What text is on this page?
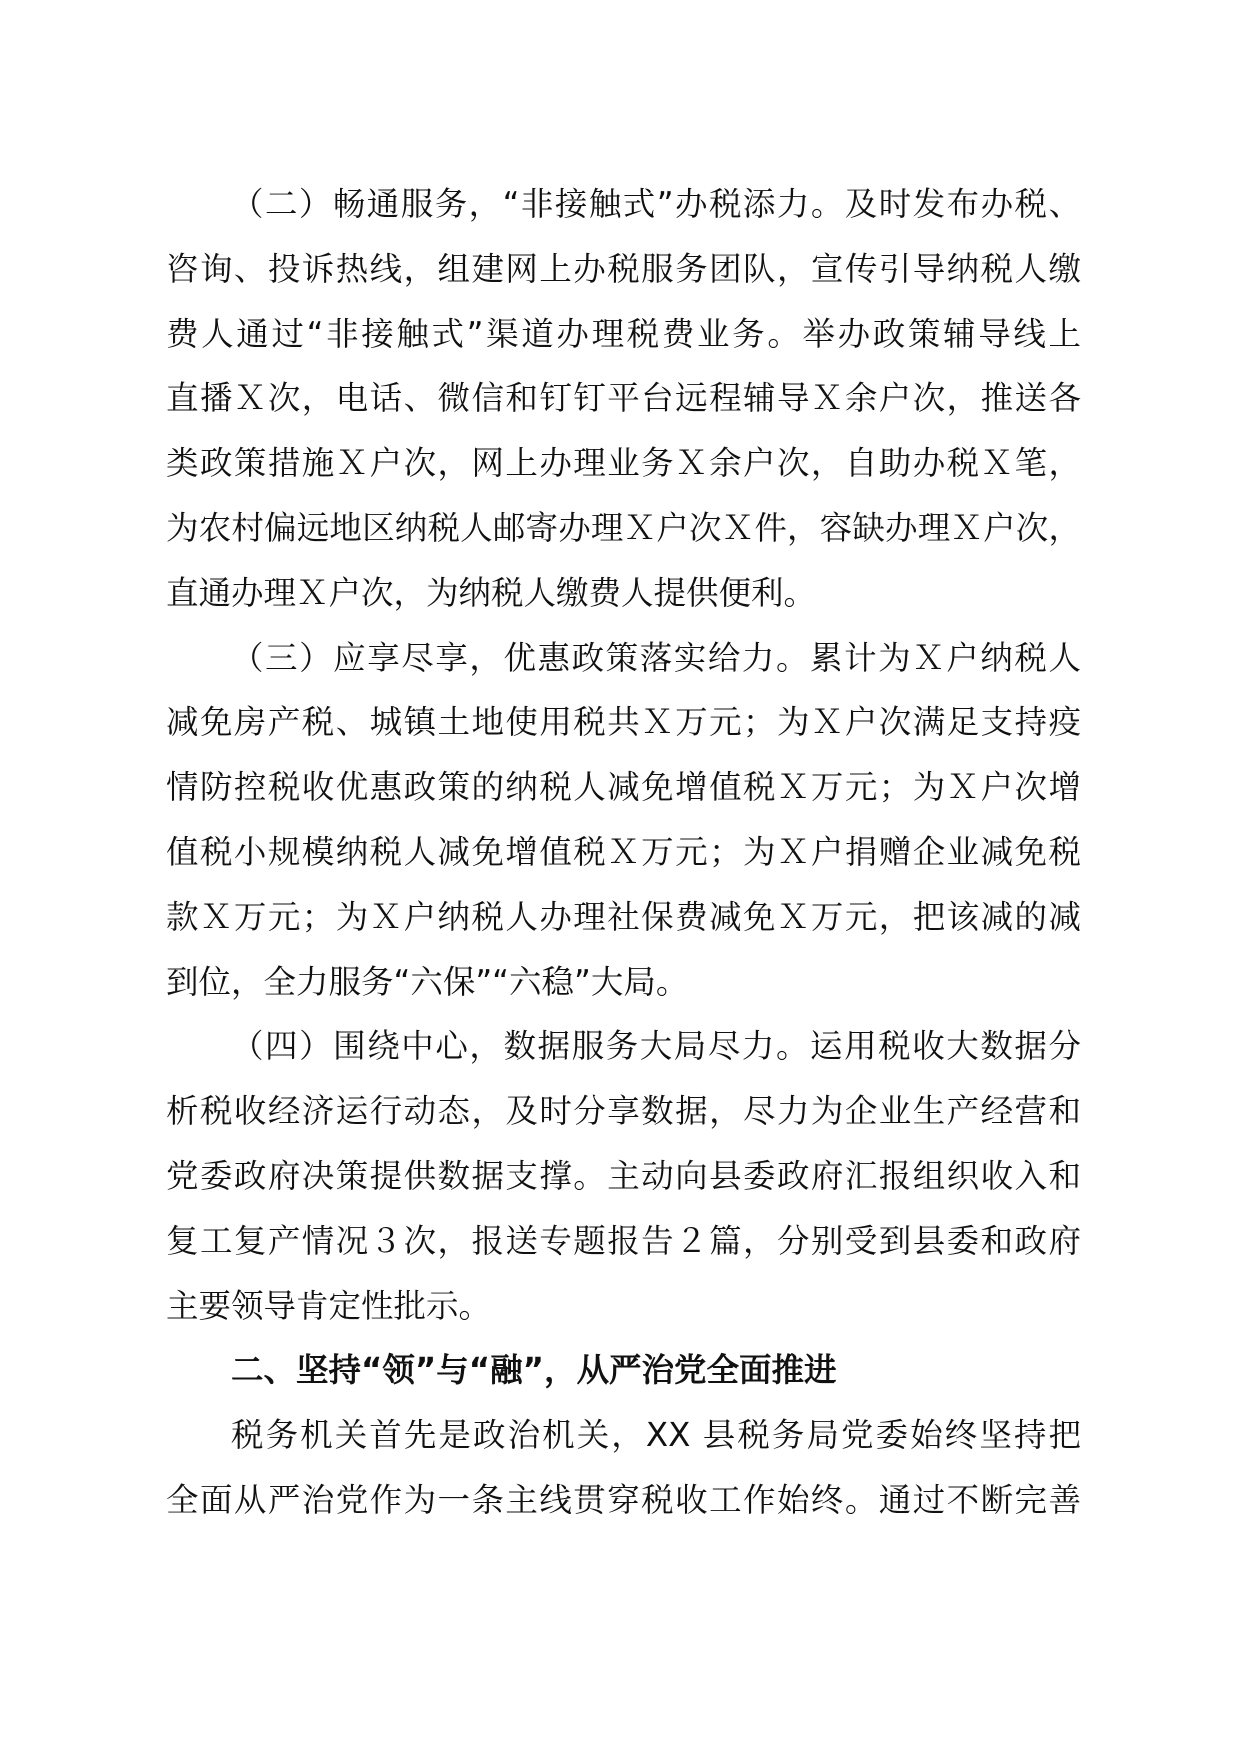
（二）畅通服务，“非接触式”办税添力。及时发布办税、
咨询、投诉热线，组建网上办税服务团队，宣传引导纳税人缴
费人通过“非接触式”渠道办理税费业务。举办政策辅导线上
直播Ｘ次，电话、微信和钉钉平台远程辅导Ｘ余户次，推送各
类政策措施Ｘ户次，网上办理业务Ｘ余户次，自助办税Ｘ笔，
为农村偏远地区纳税人邮寄办理Ｘ户次Ｘ件，容缺办理Ｘ户次，
直通办理Ｘ户次，为纳税人缴费人提供便利。
（三）应享尽享，优惠政策落实给力。累计为Ｘ户纳税人
减免房产税、城镇土地使用税共Ｘ万元；为Ｘ户次满足支持疫
情防控税收优惠政策的纳税人减免增值税Ｘ万元；为Ｘ户次增
值税小规模纳税人减免增值税Ｘ万元；为Ｘ户捐赠企业减免税
款Ｘ万元；为Ｘ户纳税人办理社保费减免Ｘ万元，把该减的减
到位，全力服务“六保”“六稳”大局。
（四）围绕中心，数据服务大局尽力。运用税收大数据分
析税收经济运行动态，及时分享数据，尽力为企业生产经营和
党委政府决策提供数据支撑。主动向县委政府汇报组织收入和
复工复产情况３次，报送专题报告２篇，分别受到县委和政府
主要领导肯定性批示。
二、坚持“领”与“融”，从严治党全面推进
税务机关首先是政治机关，XX 县税务局党委始终坚持把
全面从严治党作为一条主线贯穿税收工作始终。通过不断完善
